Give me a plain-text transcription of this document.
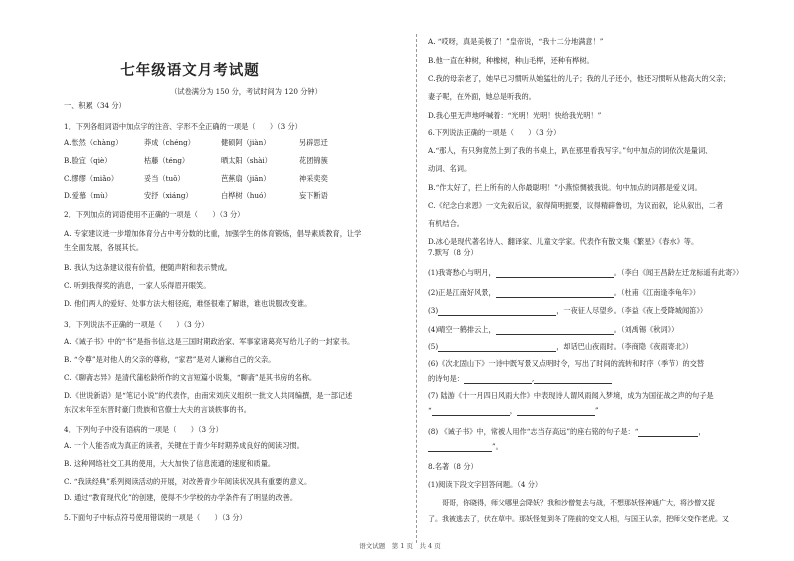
七年级语文月考试题
（试卷满分为 150 分，考试时间为 120 分钟）
一、积累（34 分）
1．下列各组词语中加点字的注音、字形不全正确的一项是（　　）（3 分）
A.怅然（chàng）	莽成（chéng）	健硕阿（jiàn）	另辟思迁
B.脸宜（qiè）	枯藤（téng）	晒太阳（shài）	花团锦簇
C.缪缪（miǎo）	妥当（tuǒ）	芭蕉扇（jiān）	神采奕奕
D.爱慕（mù）	安抒（xiáng）	白桦树（huó）	妄下断语
2．下列加点的词语使用不正确的一项是（　　）（3 分）
A. 专家建议进一步增加体育分占中考分数的比重，加强学生的体育锻炼，倡导素质教育，让学
生全面发展，各展其长。
B. 我认为这条建议很有价值，便随声附和表示赞成。
C. 听到我得奖的消息，一家人乐得眉开眼笑。
D. 他们两人的爱好、处事方法大相径庭，难怪很难了解谁，谁也说服改变谁。
3．下列说法不正确的一项是（　　）（3 分）
A.《诫子书》中的“书”是指书信,这是三国时期政治家、军事家诸葛亮写给儿子的一封家书。
B. “令尊”是对他人的父亲的尊称，“家君”是对人谦称自己的父亲。
C.《聊斋志异》是清代蒲松龄所作的文言短篇小说集，“聊斋”是其书房的名称。
D.《世说新语》是“笔记小说”的代表作，由南宋刘庆义组织一批文人共同编撰，是一部记述
东汉末年至东晋时豪门贵族和官僚士大夫的言谈轶事的书。
4．下列句子中没有语病的一项是（　　）（3 分）
A. 一个人能否成为真正的读者，关键在于青少年时期养成良好的阅读习惯。
B. 这种网络社交工具的使用，大大加快了信息流通的速度和质量。
C. “我读经典”系列阅读活动的开展，对改善青少年阅读状况具有重要的意义。
D. 通过“教育现代化”的创建，使得不少学校的办学条件有了明显的改善。
5.下面句子中标点符号使用错误的一项是（　　）（3 分）
A. “哎呀，真是美极了！”皇帝说，“我十二分地满意！”
B.他一直在种树，种橡树，种山毛榉，还种有桦树。
C.我的母亲老了，她早已习惯听从她猛壮的儿子；我的儿子还小，他还习惯听从他高大的父亲；
妻子呢，在外面，她总是听我的。
D.我心里无声地呼喊着：“光明！光明！快给我光明！”
6.下列说法正确的一项是（　　）（3 分）
A.“那人，有只狗竟然上到了我的书桌上，趴在那里看我写字。”句中加点的词依次是量词、
动词、名词。
B.“作太好了，拦上所有的人你最聪明！”小燕惊惆被我说。句中加点的词都是爱义词。
C.《纪念白求恩》一文先叙后议，叙得简明扼要，议得精辟鲁切，为议而叙，论从叙出，二者
有机结合。
D.冰心是现代著名诗人、翻译家、儿童文学家。代表作有散文集《繁星》《春水》等。
7.默写（8 分）
(1)我寄愁心与明月，	。（李白《闻王昌龄左迁龙标遥有此寄》）
(2)正是江南好风景，	。（杜甫《江南逢李龟年》）
(3)	，一夜征人尽望乡。（李益《夜上受降城闻笛》）
(4)晴空一鹤排云上，	。（刘禹锡《秋词》）
(5)	，却话巴山夜雨时。（李商隐《夜雨寄北》）
(6)《次北固山下》一诗中既写景又点明时令，写出了时间的流转和时序（季节）的交替
的诗句是：	,
(7) 陆游《十一月四日风雨大作》中表现诗人谓风雨闻入梦境，成为为国征战之声的句子是
“	，	”
(8) 《诫子书》中，常被人用作“志当存高远”的座右铭的句子是：“	，
”。
8.名著（8 分）
(1)阅读下段文字回答问题。（4 分）
哥哥，你晓得，师父哪里会降妖？我和沙僧复去与战，不想那妖怪神通广大，将沙僧又捉
了。我被逃去了，伏在草中。那妖怪复到冬了陛前的变文人相，与国王认亲，把师父变作老虎。又
语文试题　第 1 页　共 4 页
